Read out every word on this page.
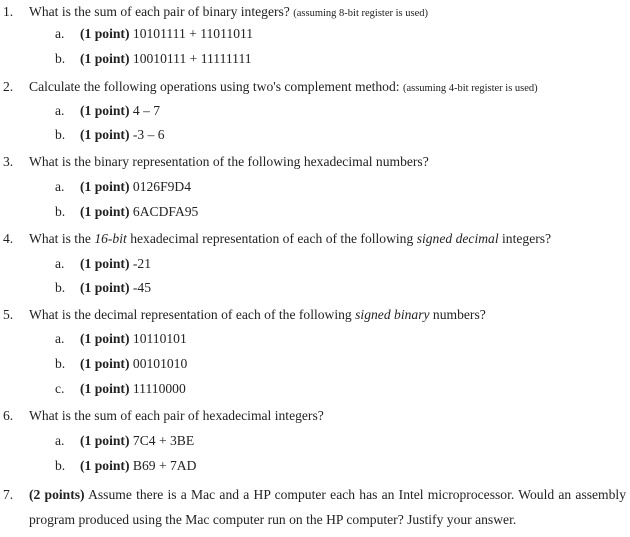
1. What is the sum of each pair of binary integers? (assuming 8-bit register is used)
a. (1 point) 10101111 + 11011011
b. (1 point) 10010111 + 11111111
2. Calculate the following operations using two's complement method: (assuming 4-bit register is used)
a. (1 point) 4 – 7
b. (1 point) -3 – 6
3. What is the binary representation of the following hexadecimal numbers?
a. (1 point) 0126F9D4
b. (1 point) 6ACDFA95
4. What is the 16-bit hexadecimal representation of each of the following signed decimal integers?
a. (1 point) -21
b. (1 point) -45
5. What is the decimal representation of each of the following signed binary numbers?
a. (1 point) 10110101
b. (1 point) 00101010
c. (1 point) 11110000
6. What is the sum of each pair of hexadecimal integers?
a. (1 point) 7C4 + 3BE
b. (1 point) B69 + 7AD
7. (2 points) Assume there is a Mac and a HP computer each has an Intel microprocessor. Would an assembly program produced using the Mac computer run on the HP computer? Justify your answer.
